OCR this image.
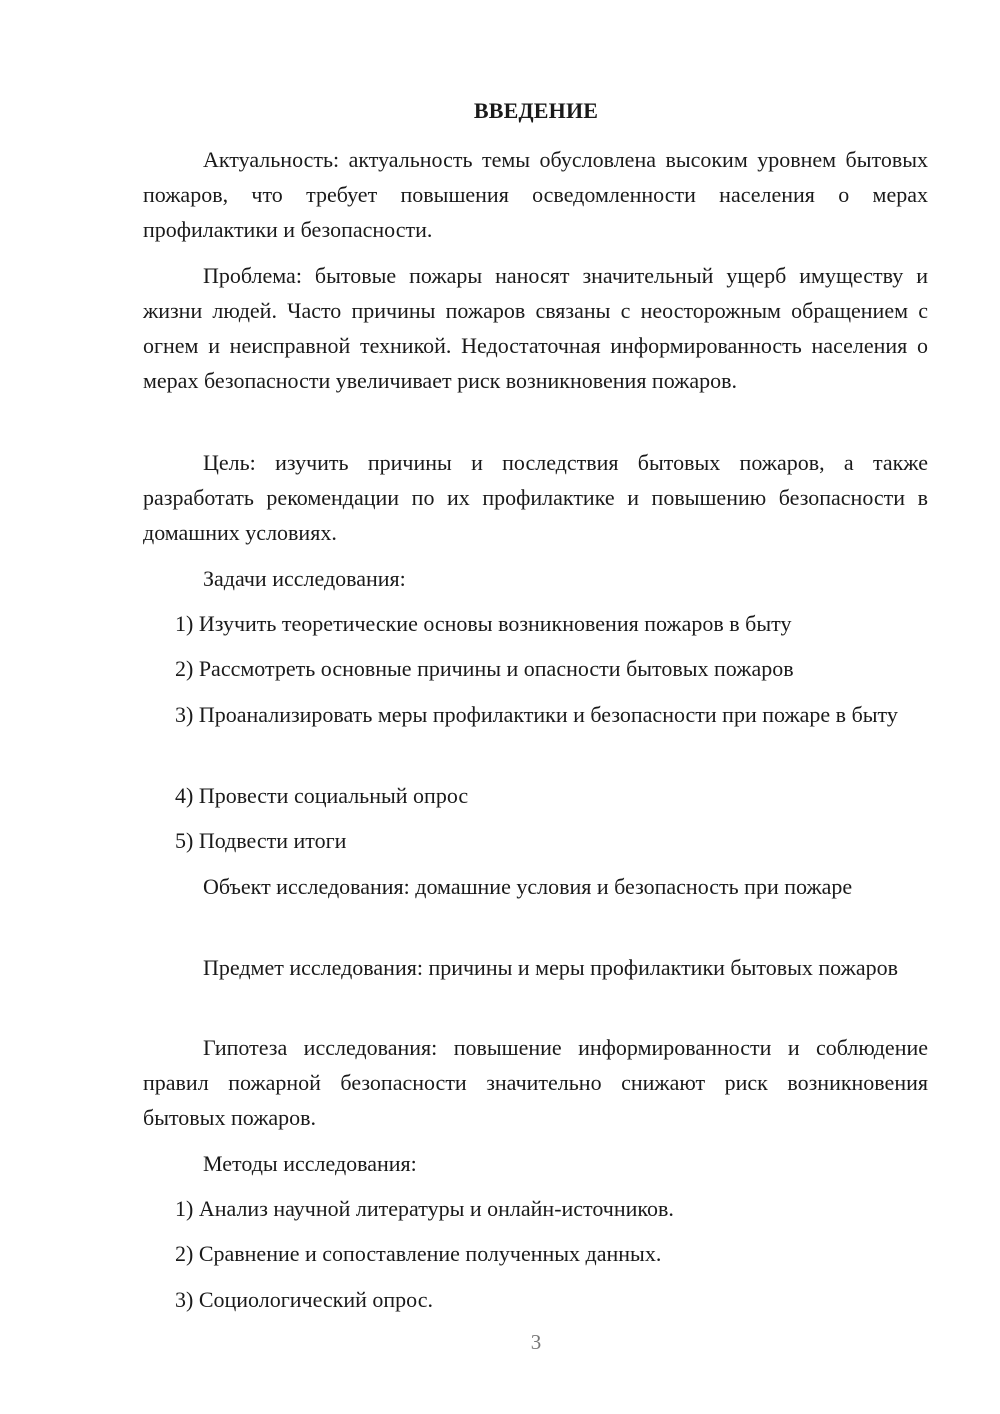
ВВЕДЕНИЕ

Актуальность: актуальность темы обусловлена высоким уровнем бытовых пожаров, что требует повышения осведомленности населения о мерах профилактики и безопасности.

Проблема: бытовые пожары наносят значительный ущерб имуществу и жизни людей. Часто причины пожаров связаны с неосторожным обращением с огнем и неисправной техникой. Недостаточная информированность населения о мерах безопасности увеличивает риск возникновения пожаров.

Цель: изучить причины и последствия бытовых пожаров, а также разработать рекомендации по их профилактике и повышению безопасности в домашних условиях.

Задачи исследования:

1) Изучить теоретические основы возникновения пожаров в быту

2) Рассмотреть основные причины и опасности бытовых пожаров

3) Проанализировать меры профилактики и безопасности при пожаре в быту

4) Провести социальный опрос

5) Подвести итоги

Объект исследования: домашние условия и безопасность при пожаре

Предмет исследования: причины и меры профилактики бытовых пожаров

Гипотеза исследования: повышение информированности и соблюдение правил пожарной безопасности значительно снижают риск возникновения бытовых пожаров.

Методы исследования:

1) Анализ научной литературы и онлайн-источников.

2) Сравнение и сопоставление полученных данных.

3) Социологический опрос.

3
